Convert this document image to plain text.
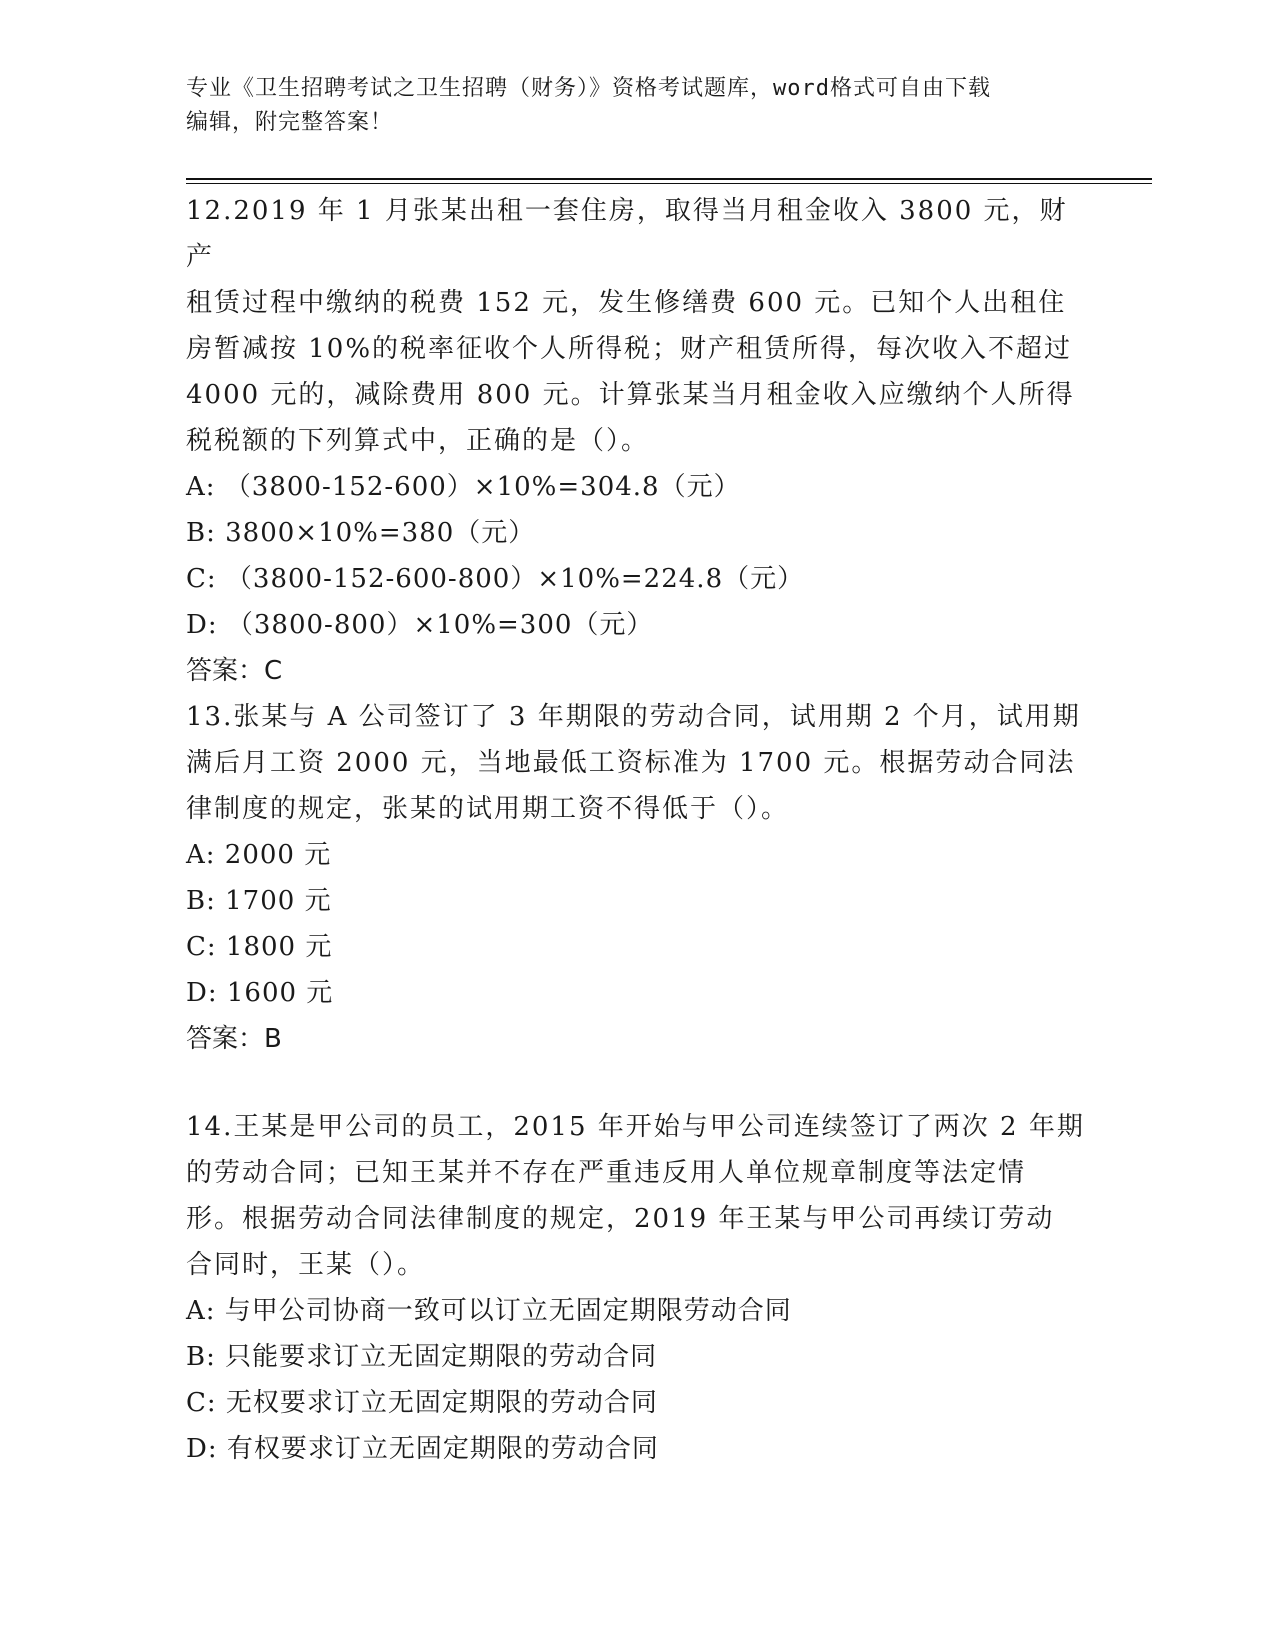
专业《卫生招聘考试之卫生招聘（财务）》资格考试题库，word格式可自由下载
编辑，附完整答案！

12.2019 年 1 月张某出租一套住房，取得当月租金收入 3800 元，财产

租赁过程中缴纳的税费 152 元，发生修缮费 600 元。已知个人出租住

房暂减按 10%的税率征收个人所得税；财产租赁所得，每次收入不超过

4000 元的，减除费用 800 元。计算张某当月租金收入应缴纳个人所得

税税额的下列算式中，正确的是（）。

A: （3800-152-600）×10%=304.8（元）

B: 3800×10%=380（元）

C: （3800-152-600-800）×10%=224.8（元）

D: （3800-800）×10%=300（元）

答案：C

13.张某与 A 公司签订了 3 年期限的劳动合同，试用期 2 个月，试用期

满后月工资 2000 元，当地最低工资标准为 1700 元。根据劳动合同法

律制度的规定，张某的试用期工资不得低于（）。

A: 2000 元

B: 1700 元

C: 1800 元

D: 1600 元

答案：B

14.王某是甲公司的员工，2015 年开始与甲公司连续签订了两次 2 年期

的劳动合同；已知王某并不存在严重违反用人单位规章制度等法定情

形。根据劳动合同法律制度的规定，2019 年王某与甲公司再续订劳动

合同时，王某（）。

A: 与甲公司协商一致可以订立无固定期限劳动合同

B: 只能要求订立无固定期限的劳动合同

C: 无权要求订立无固定期限的劳动合同

D: 有权要求订立无固定期限的劳动合同
